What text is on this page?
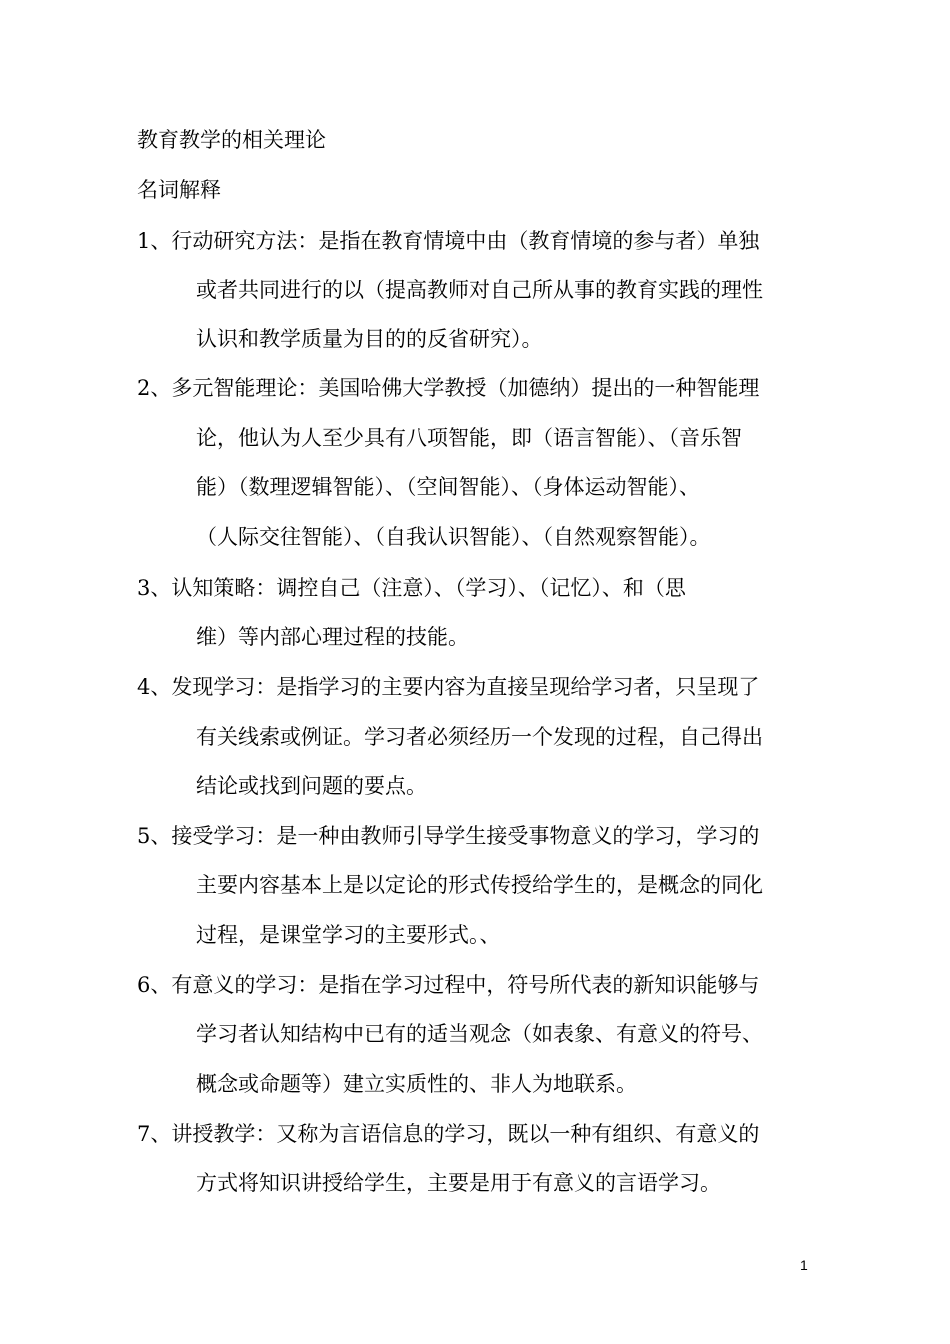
教育教学的相关理论
名词解释
1、行动研究方法：是指在教育情境中由（教育情境的参与者）单独
或者共同进行的以（提高教师对自己所从事的教育实践的理性
认识和教学质量为目的的反省研究）。
2、多元智能理论：美国哈佛大学教授（加德纳）提出的一种智能理
论，他认为人至少具有八项智能，即（语言智能）、（音乐智
能）（数理逻辑智能）、（空间智能）、（身体运动智能）、
（人际交往智能）、（自我认识智能）、（自然观察智能）。
3、认知策略：调控自己（注意）、（学习）、（记忆）、和（思
维）等内部心理过程的技能。
4、发现学习：是指学习的主要内容为直接呈现给学习者，只呈现了
有关线索或例证。学习者必须经历一个发现的过程，自己得出
结论或找到问题的要点。
5、接受学习：是一种由教师引导学生接受事物意义的学习，学习的
主要内容基本上是以定论的形式传授给学生的，是概念的同化
过程，是课堂学习的主要形式。、
6、有意义的学习：是指在学习过程中，符号所代表的新知识能够与
学习者认知结构中已有的适当观念（如表象、有意义的符号、
概念或命题等）建立实质性的、非人为地联系。
7、讲授教学：又称为言语信息的学习，既以一种有组织、有意义的
方式将知识讲授给学生，主要是用于有意义的言语学习。
1
